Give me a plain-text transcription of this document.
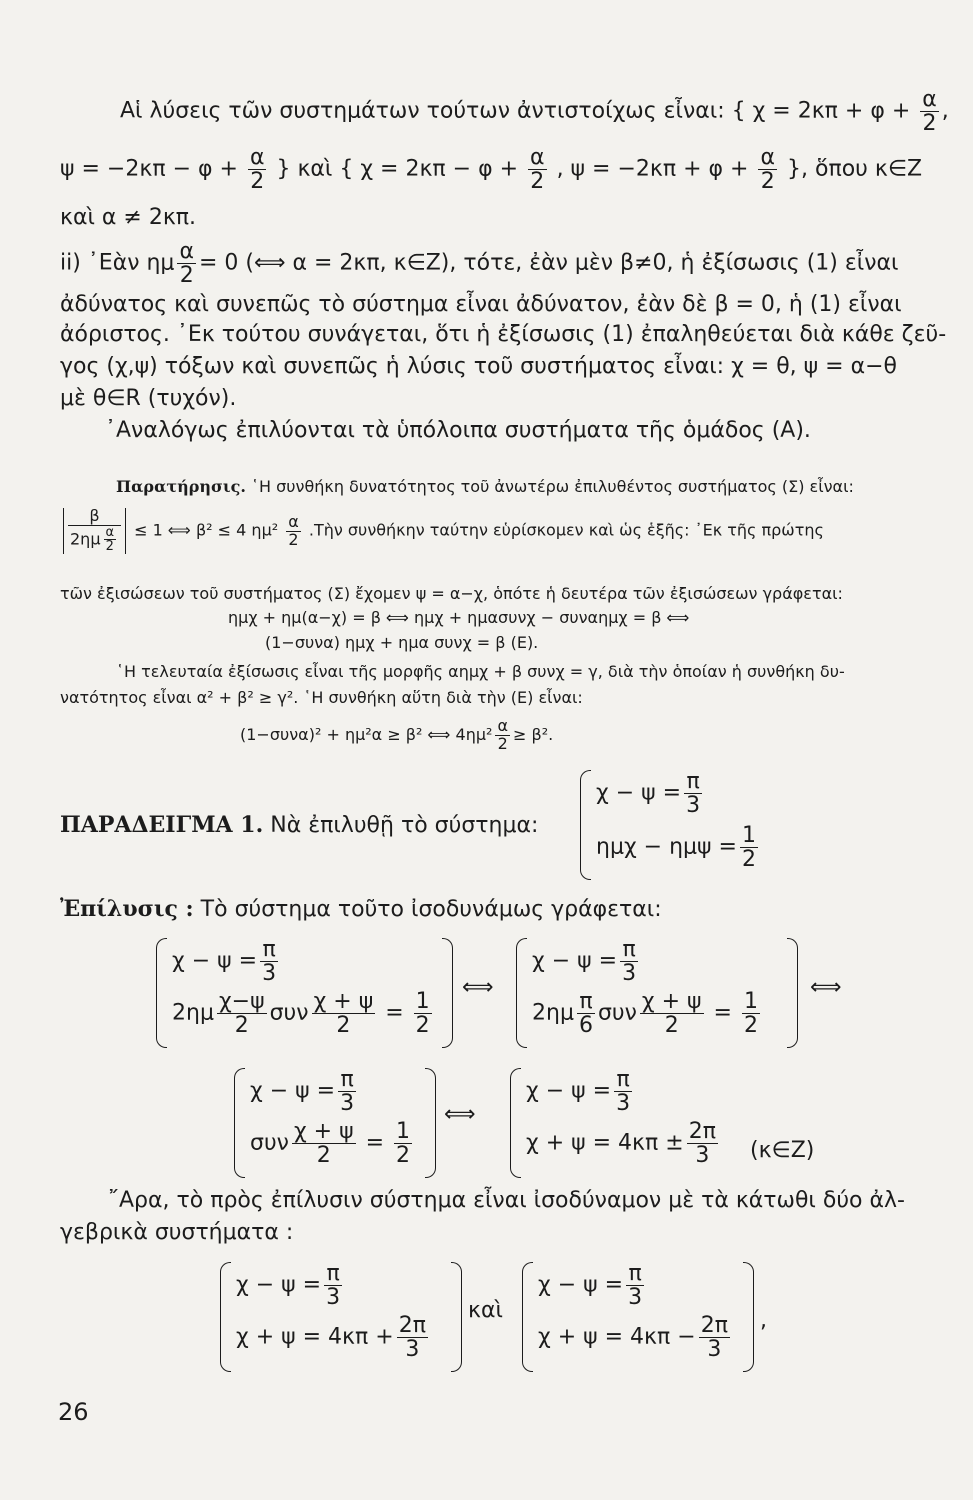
Αἱ λύσεις τῶν συστημάτων τούτων ἀντιστοίχως εἶναι: { $\chi = 2\kappa\pi + \varphi + \frac{\alpha}{2}$ ,
$\psi = -2\kappa\pi - \varphi + \frac{\alpha}{2}$ } καὶ { $\chi = 2\kappa\pi - \varphi + \frac{\alpha}{2}$ , $\psi = -2\kappa\pi + \varphi + \frac{\alpha}{2}$ }, ὅπου κ∈Z
καὶ α ≠ 2κπ.
ii) ᾿Εὰν ημ $\frac{\alpha}{2} = 0$ (⟺ α = 2κπ, κ∈Z), τότε, ἐὰν μὲν β≠0, ἡ ἐξίσωσις (1) εἶναι
ἀδύνατος καὶ συνεπῶς τὸ σύστημα εἶναι ἀδύνατον, ἐὰν δὲ β = 0, ἡ (1) εἶναι
ἀόριστος. ᾿Εκ τούτου συνάγεται, ὅτι ἡ ἐξίσωσις (1) ἐπαληθεύεται διὰ κάθε ζεῦ-
γος (χ,ψ) τόξων καὶ συνεπῶς ἡ λύσις τοῦ συστήματος εἶναι: χ = θ, ψ = α−θ
μὲ θ∈R (τυχόν).
᾿Αναλόγως ἐπιλύονται τὰ ὑπόλοιπα συστήματα τῆς ὁμάδος (Α).
Παρατήρησις. ῾Η συνθήκη δυνατότητος τοῦ ἀνωτέρω ἐπιλυθέντος συστήματος (Σ) εἶναι:
$\frac{\beta}{2\eta\mu \frac{\alpha}{2}} \le 1$ ⟺ β² ≤ 4 $\eta\mu^2 \frac{\alpha}{2}$ .Τὴν συνθήκην ταύτην εὑρίσκομεν καὶ ὡς ἑξῆς: ᾿Εκ τῆς πρώτης
τῶν ἐξισώσεων τοῦ συστήματος (Σ) ἔχομεν ψ = α−χ, ὁπότε ἡ δευτέρα τῶν ἐξισώσεων γράφεται:
ημχ + ημ(α−χ) = β ⟺ ημχ + ημασυνχ − συναημχ = β ⟺
(1−συνα) ημχ + ημα συνχ = β (Ε).
῾Η τελευταία ἐξίσωσις εἶναι τῆς μορφῆς αημχ + β συνχ = γ, διὰ τὴν ὁποίαν ἡ συνθήκη δυ-
νατότητος εἶναι α² + β² ≥ γ². ῾Η συνθήκη αὕτη διὰ τὴν (Ε) εἶναι:
(1−συνα)² + ημ²α ≥ β² ⟺ $4\eta\mu^2 \frac{\alpha}{2} \ge \beta^2$.
ΠΑΡΑΔΕΙΓΜΑ 1. Νὰ ἐπιλυθῇ τὸ σύστημα:
$\chi - \psi = \frac{\pi}{3}$
$\eta\mu\chi - \eta\mu\psi = \frac{1}{2}$
Ἐπίλυσις : Τὸ σύστημα τοῦτο ἰσοδυνάμως γράφεται:
$\chi - \psi = \frac{\pi}{3}$
$2\eta\mu \frac{\chi-\psi}{2}$ συν $\frac{\chi + \psi}{2} = \frac{1}{2}$
⟺
$\chi - \psi = \frac{\pi}{3}$
$2\eta\mu \frac{\pi}{6}$ συν $\frac{\chi + \psi}{2} = \frac{1}{2}$
⟺
$\chi - \psi = \frac{\pi}{3}$
συν $\frac{\chi + \psi}{2} = \frac{1}{2}$
⟺
$\chi - \psi = \frac{\pi}{3}$
$\chi + \psi = 4\kappa\pi \pm \frac{2\pi}{3}$ (κ∈Z)
῎Αρα, τὸ πρὸς ἐπίλυσιν σύστημα εἶναι ἰσοδύναμον μὲ τὰ κάτωθι δύο ἀλ-
γεβρικὰ συστήματα :
$\chi - \psi = \frac{\pi}{3}$
$\chi + \psi = 4\kappa\pi + \frac{2\pi}{3}$
καὶ
$\chi - \psi = \frac{\pi}{3}$
$\chi + \psi = 4\kappa\pi - \frac{2\pi}{3}$ ,
26
